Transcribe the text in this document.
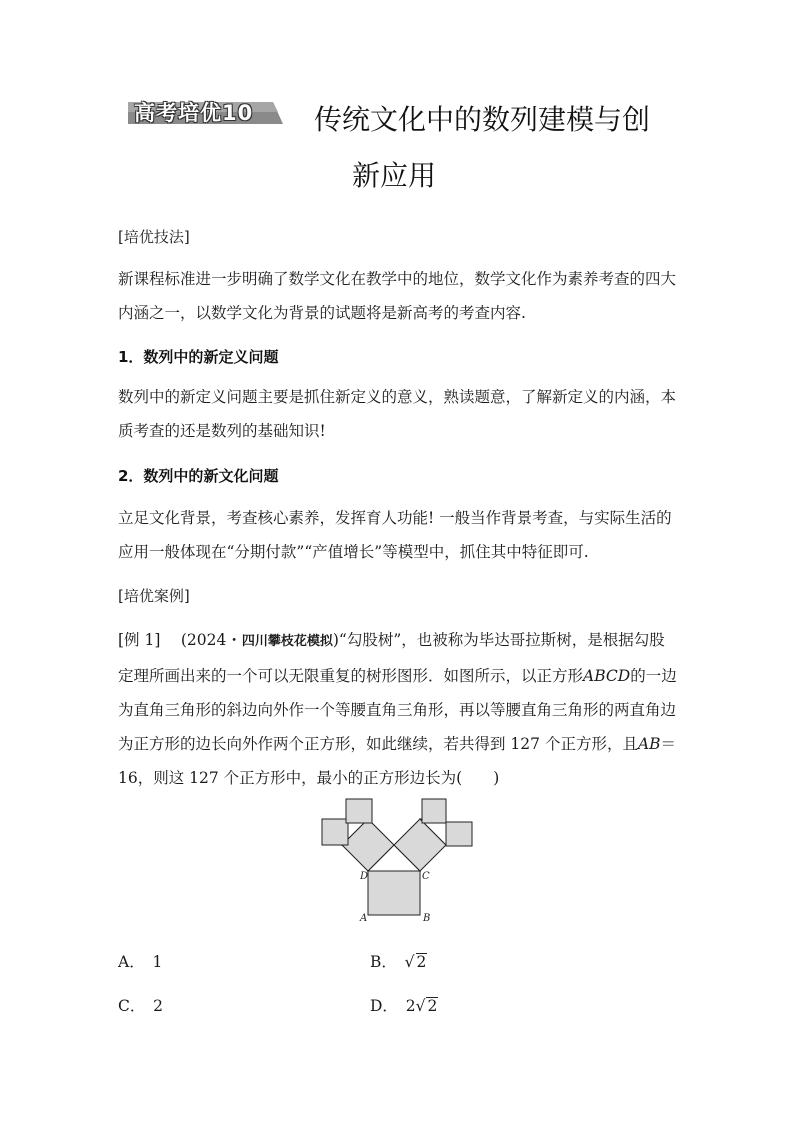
高考培优10 传统文化中的数列建模与创
新应用
[培优技法]
新课程标准进一步明确了数学文化在教学中的地位，数学文化作为素养考查的四大内涵之一，以数学文化为背景的试题将是新高考的考查内容.
1．数列中的新定义问题
数列中的新定义问题主要是抓住新定义的意义，熟读题意，了解新定义的内涵，本质考查的还是数列的基础知识!
2．数列中的新文化问题
立足文化背景，考查核心素养，发挥育人功能! 一般当作背景考查，与实际生活的应用一般体现在“分期付款”“产值增长”等模型中，抓住其中特征即可.
[培优案例]
[例 1]   (2024・四川攀枝花模拟)“勾股树”，也被称为毕达哥拉斯树，是根据勾股定理所画出来的一个可以无限重复的树形图形．如图所示，以正方形ABCD的一边为直角三角形的斜边向外作一个等腰直角三角形，再以等腰直角三角形的两直角边为正方形的边长向外作两个正方形，如此继续，若共得到 127 个正方形，且AB＝16，则这 127 个正方形中，最小的正方形边长为(　　)
D	C
A	B
A．  1	B．  √ 2
C．  2	D．  2√ 2
